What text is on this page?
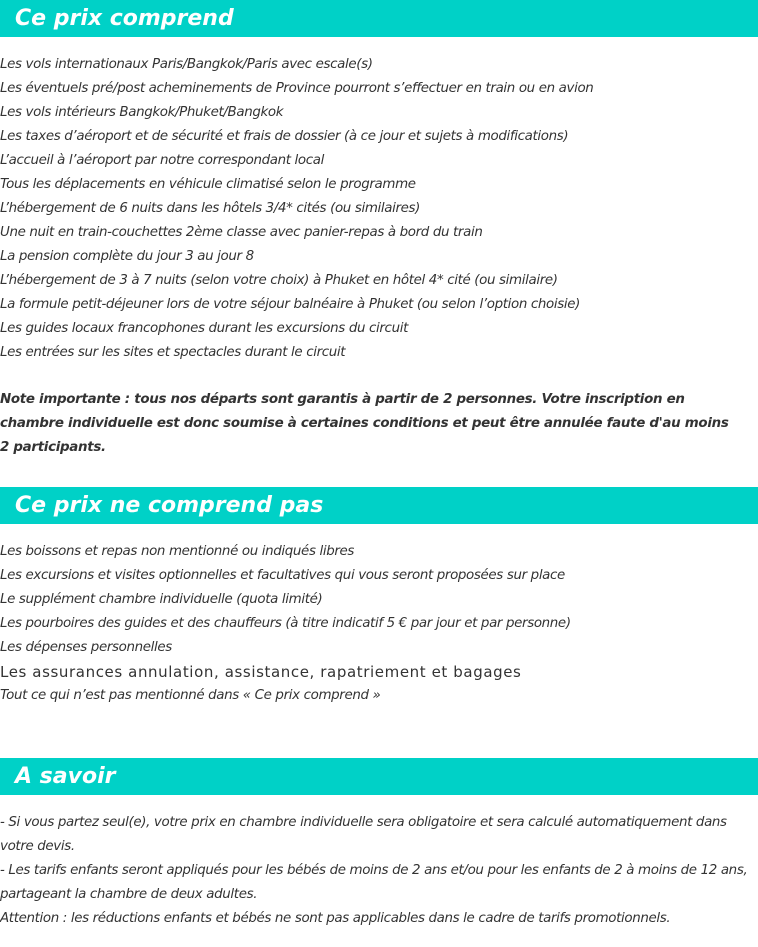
Ce prix comprend
Les vols internationaux Paris/Bangkok/Paris avec escale(s)
Les éventuels pré/post acheminements de Province pourront s’effectuer en train ou en avion
Les vols intérieurs Bangkok/Phuket/Bangkok
Les taxes d’aéroport et de sécurité et frais de dossier (à ce jour et sujets à modifications)
L’accueil à l’aéroport par notre correspondant local
Tous les déplacements en véhicule climatisé selon le programme
L’hébergement de 6 nuits dans les hôtels 3/4* cités (ou similaires)
Une nuit en train-couchettes 2ème classe avec panier-repas à bord du train
La pension complète du jour 3 au jour 8
L’hébergement de 3 à 7 nuits (selon votre choix) à Phuket en hôtel 4* cité (ou similaire)
La formule petit-déjeuner lors de votre séjour balnéaire à Phuket (ou selon l’option choisie)
Les guides locaux francophones durant les excursions du circuit
Les entrées sur les sites et spectacles durant le circuit

Note importante : tous nos départs sont garantis à partir de 2 personnes. Votre inscription en chambre individuelle est donc soumise à certaines conditions et peut être annulée faute d'au moins 2 participants.

Ce prix ne comprend pas
Les boissons et repas non mentionné ou indiqués libres
Les excursions et visites optionnelles et facultatives qui vous seront proposées sur place
Le supplément chambre individuelle (quota limité)
Les pourboires des guides et des chauffeurs (à titre indicatif 5 € par jour et par personne)
Les dépenses personnelles
Les assurances annulation, assistance, rapatriement et bagages
Tout ce qui n’est pas mentionné dans « Ce prix comprend »
A savoir

- Si vous partez seul(e), votre prix en chambre individuelle sera obligatoire et sera calculé automatiquement dans votre devis.

- Les tarifs enfants seront appliqués pour les bébés de moins de 2 ans et/ou pour les enfants de 2 à moins de 12 ans, partageant la chambre de deux adultes.

Attention : les réductions enfants et bébés ne sont pas applicables dans le cadre de tarifs promotionnels.
